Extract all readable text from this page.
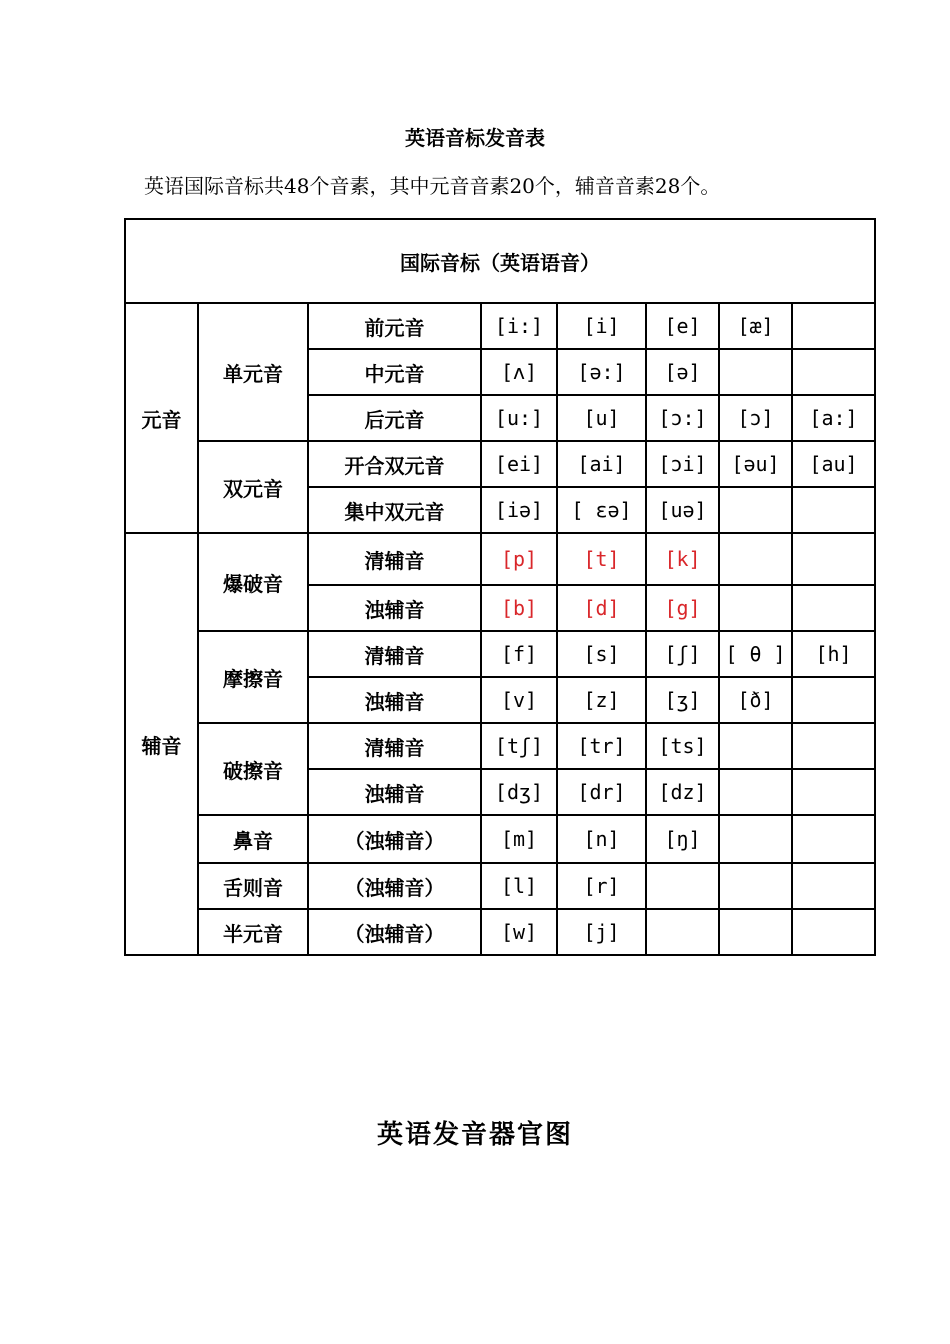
英语音标发音表
英语国际音标共48个音素，其中元音音素20个，辅音音素28个。
国际音标（英语语音）							
元音	单元音	前元音	[i:]	[i]	[e]	[æ]	
		中元音	[ʌ]	[ə:]	[ə]		
		后元音	[u:]	[u]	[ɔ:]	[ɔ]	[a:]
	双元音	开合双元音	[ei]	[ai]	[ɔi]	[əu]	[au]
		集中双元音	[iə]	[ εə]	[uə]		
辅音	爆破音	清辅音	[p]	[t]	[k]		
		浊辅音	[b]	[d]	[g]		
	摩擦音	清辅音	[f]	[s]	[ʃ]	[ θ ]	[h]
		浊辅音	[v]	[z]	[ʒ]	[ð]	
	破擦音	清辅音	[tʃ]	[tr]	[ts]		
		浊辅音	[dʒ]	[dr]	[dz]		
	鼻音	（浊辅音）	[m]	[n]	[ŋ]		
	舌则音	（浊辅音）	[l]	[r]			
	半元音	（浊辅音）	[w]	[j]			
英语发音器官图
